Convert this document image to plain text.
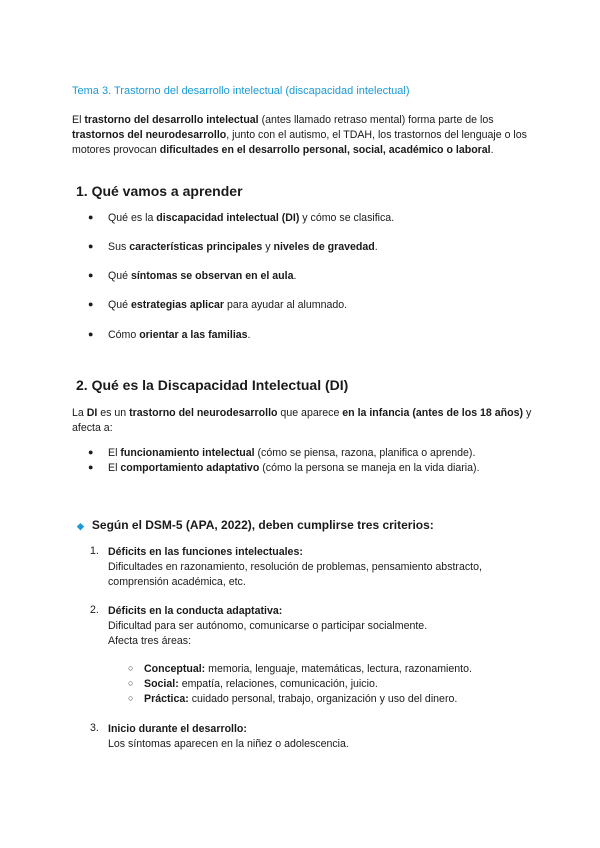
Tema 3. Trastorno del desarrollo intelectual (discapacidad intelectual)
El trastorno del desarrollo intelectual (antes llamado retraso mental) forma parte de los trastornos del neurodesarrollo, junto con el autismo, el TDAH, los trastornos del lenguaje o los motores provocan dificultades en el desarrollo personal, social, académico o laboral.
1. Qué vamos a aprender
● Qué es la discapacidad intelectual (DI) y cómo se clasifica.
● Sus características principales y niveles de gravedad.
● Qué síntomas se observan en el aula.
● Qué estrategias aplicar para ayudar al alumnado.
● Cómo orientar a las familias.
2. Qué es la Discapacidad Intelectual (DI)
La DI es un trastorno del neurodesarrollo que aparece en la infancia (antes de los 18 años) y afecta a:
● El funcionamiento intelectual (cómo se piensa, razona, planifica o aprende).
● El comportamiento adaptativo (cómo la persona se maneja en la vida diaria).
◆ Según el DSM-5 (APA, 2022), deben cumplirse tres criterios:
1. Déficits en las funciones intelectuales:
Dificultades en razonamiento, resolución de problemas, pensamiento abstracto,
comprensión académica, etc.
2. Déficits en la conducta adaptativa:
Dificultad para ser autónomo, comunicarse o participar socialmente.
Afecta tres áreas:
○ Conceptual: memoria, lenguaje, matemáticas, lectura, razonamiento.
○ Social: empatía, relaciones, comunicación, juicio.
○ Práctica: cuidado personal, trabajo, organización y uso del dinero.
3. Inicio durante el desarrollo:
Los síntomas aparecen en la niñez o adolescencia.
